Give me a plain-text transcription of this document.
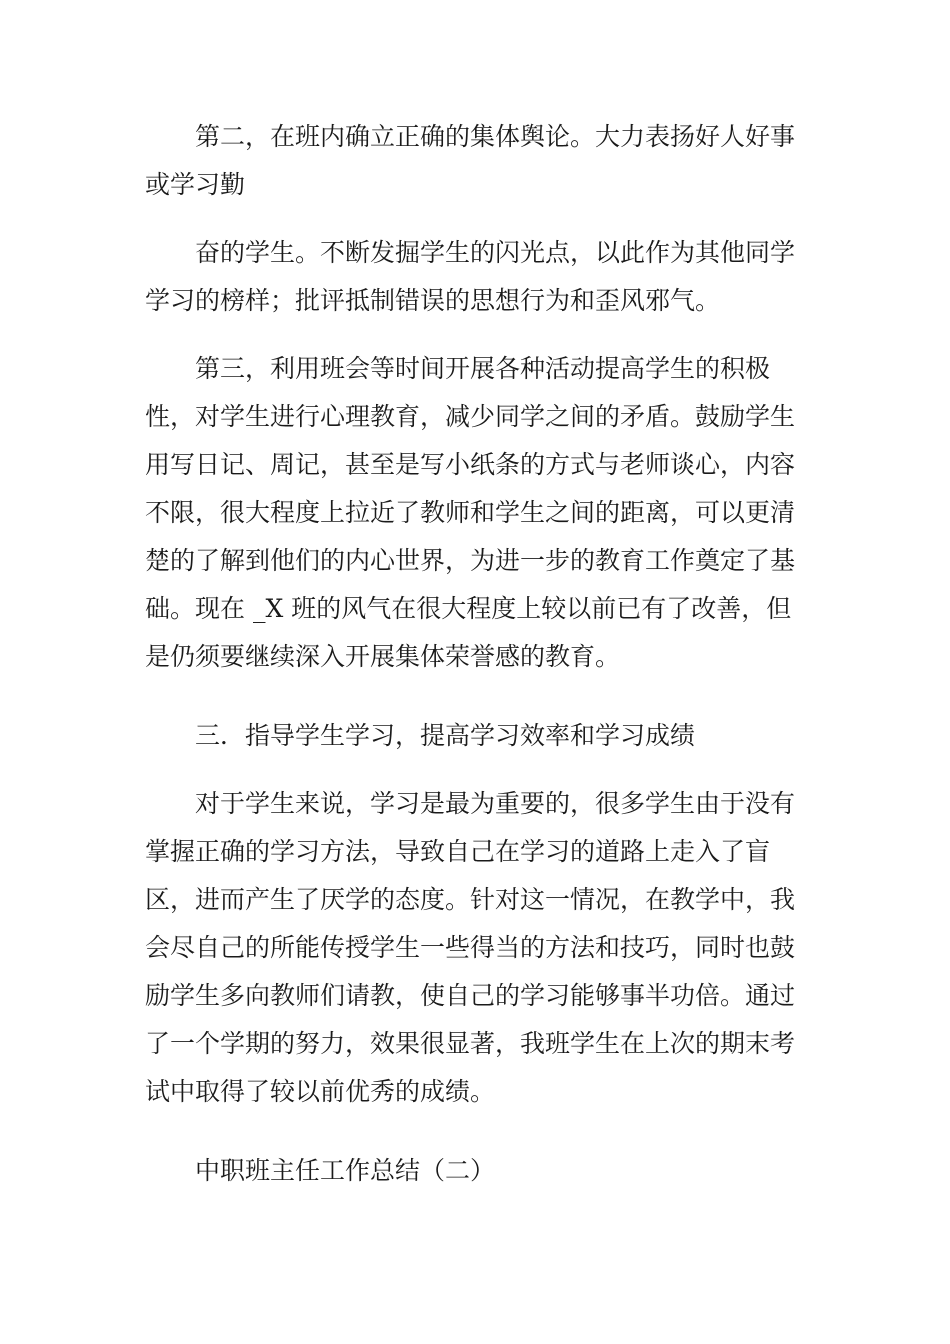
　　第二，在班内确立正确的集体舆论。大力表扬好人好事或学习勤

　　奋的学生。不断发掘学生的闪光点，以此作为其他同学学习的榜样；批评抵制错误的思想行为和歪风邪气。

　　第三，利用班会等时间开展各种活动提高学生的积极性，对学生进行心理教育，减少同学之间的矛盾。鼓励学生用写日记、周记，甚至是写小纸条的方式与老师谈心，内容不限，很大程度上拉近了教师和学生之间的距离，可以更清楚的了解到他们的内心世界，为进一步的教育工作奠定了基础。现在 _X 班的风气在很大程度上较以前已有了改善，但是仍须要继续深入开展集体荣誉感的教育。

　　三．指导学生学习，提高学习效率和学习成绩

　　对于学生来说，学习是最为重要的，很多学生由于没有掌握正确的学习方法，导致自己在学习的道路上走入了盲区，进而产生了厌学的态度。针对这一情况，在教学中，我会尽自己的所能传授学生一些得当的方法和技巧，同时也鼓励学生多向教师们请教，使自己的学习能够事半功倍。通过了一个学期的努力，效果很显著，我班学生在上次的期末考试中取得了较以前优秀的成绩。

　　中职班主任工作总结（二）
